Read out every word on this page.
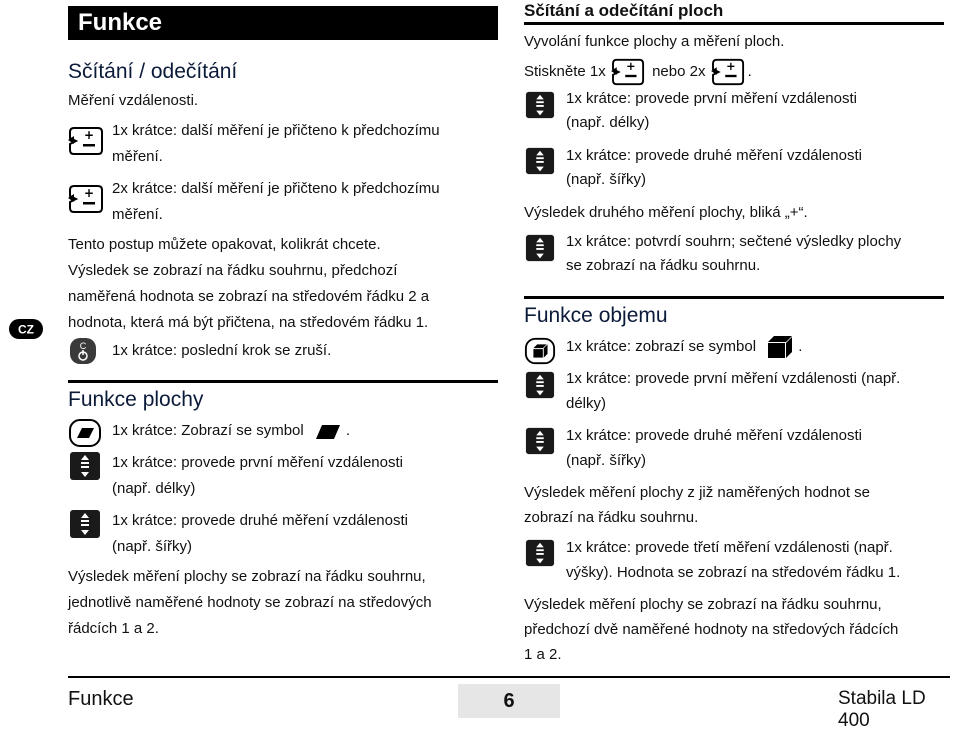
CZ
Funkce
Sčítání / odečítání
Měření vzdálenosti.
+ 1x krátce: další měření je přičteno k předchozímu
měření.
+ 2x krátce: další měření je přičteno k předchozímu
měření.
Tento postup můžete opakovat, kolikrát chcete.
Výsledek se zobrazí na řádku souhrnu, předchozí
naměřená hodnota se zobrazí na středovém řádku 2 a
hodnota, která má být přičtena, na středovém řádku 1.
C 1x krátce: poslední krok se zruší.
Funkce plochy
1x krátce: Zobrazí se symbol	.
1x krátce: provede první měření vzdálenosti
(např. délky)
1x krátce: provede druhé měření vzdálenosti
(např. šířky)
Výsledek měření plochy se zobrazí na řádku souhrnu,
jednotlivě naměřené hodnoty se zobrazí na středových
řádcích 1 a 2.
Sčítání a odečítání ploch
Vyvolání funkce plochy a měření ploch.
Stiskněte 1x + nebo 2x + .
1x krátce: provede první měření vzdálenosti
(např. délky)
1x krátce: provede druhé měření vzdálenosti
(např. šířky)
Výsledek druhého měření plochy, bliká „+“.
1x krátce: potvrdí souhrn; sečtené výsledky plochy
se zobrazí na řádku souhrnu.
Funkce objemu
1x krátce: zobrazí se symbol	.
1x krátce: provede první měření vzdálenosti (např.
délky)
1x krátce: provede druhé měření vzdálenosti
(např. šířky)
Výsledek měření plochy z již naměřených hodnot se
zobrazí na řádku souhrnu.
1x krátce: provede třetí měření vzdálenosti (např.
výšky). Hodnota se zobrazí na středovém řádku 1.
Výsledek měření plochy se zobrazí na řádku souhrnu,
předchozí dvě naměřené hodnoty na středových řádcích
1 a 2.
Funkce	6	Stabila LD 400
